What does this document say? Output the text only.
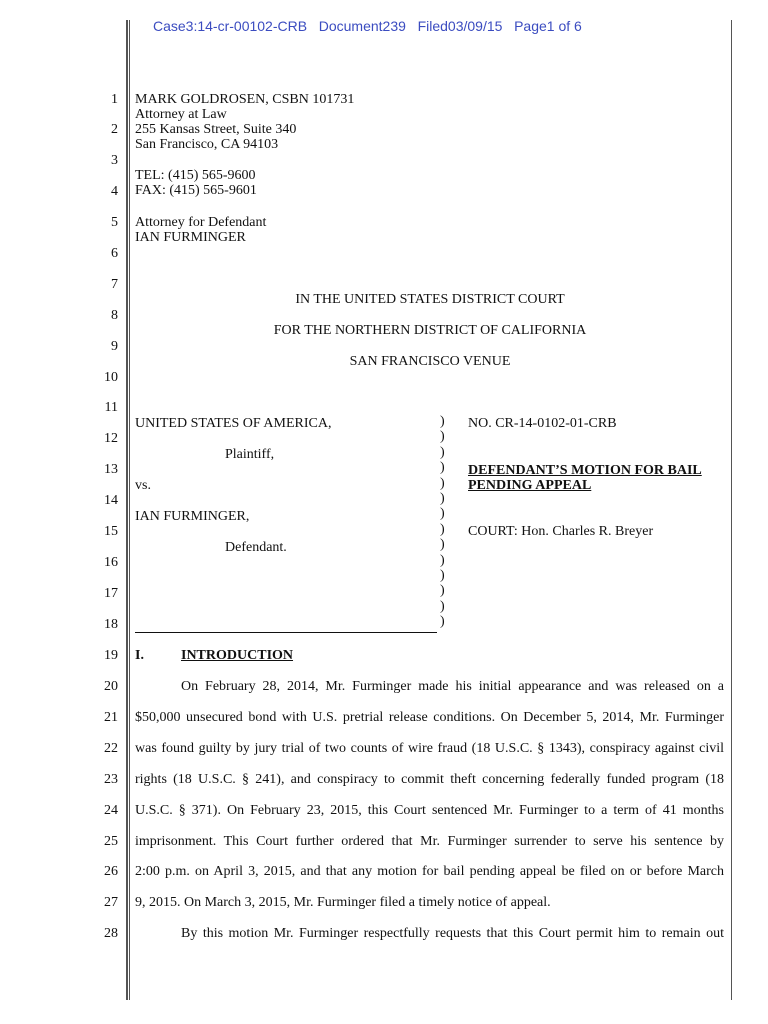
Case3:14-cr-00102-CRB   Document239   Filed03/09/15   Page1 of 6
1
2
3
4
5
6
7
8
9
10
11
12
13
14
15
16
17
18
19
20
21
22
23
24
25
26
27
28
MARK GOLDROSEN, CSBN 101731
Attorney at Law
255 Kansas Street, Suite 340
San Francisco, CA 94103
TEL: (415) 565-9600
FAX: (415) 565-9601
Attorney for Defendant
IAN FURMINGER
IN THE UNITED STATES DISTRICT COURT
FOR THE NORTHERN DISTRICT OF CALIFORNIA
SAN FRANCISCO VENUE
UNITED STATES OF AMERICA,
Plaintiff,
vs.
IAN FURMINGER,
Defendant.
)
)
)
)
)
)
)
)
)
)
)
)
)
)
NO. CR-14-0102-01-CRB
DEFENDANT’S MOTION FOR BAIL
PENDING APPEAL
COURT: Hon. Charles R. Breyer
I.	INTRODUCTION
On February 28, 2014, Mr. Furminger made his initial appearance and was released on a
$50,000 unsecured bond with U.S. pretrial release conditions. On December 5, 2014, Mr. Furminger
was found guilty by jury trial of two counts of wire fraud (18 U.S.C. § 1343), conspiracy against civil
rights (18 U.S.C. § 241), and conspiracy to commit theft concerning federally funded program (18
U.S.C. § 371). On February 23, 2015, this Court sentenced Mr. Furminger to a term of 41 months
imprisonment. This Court further ordered that Mr. Furminger surrender to serve his sentence by
2:00 p.m. on April 3, 2015, and that any motion for bail pending appeal be filed on or before March
9, 2015. On March 3, 2015, Mr. Furminger filed a timely notice of appeal.
By this motion Mr. Furminger respectfully requests that this Court permit him to remain out
